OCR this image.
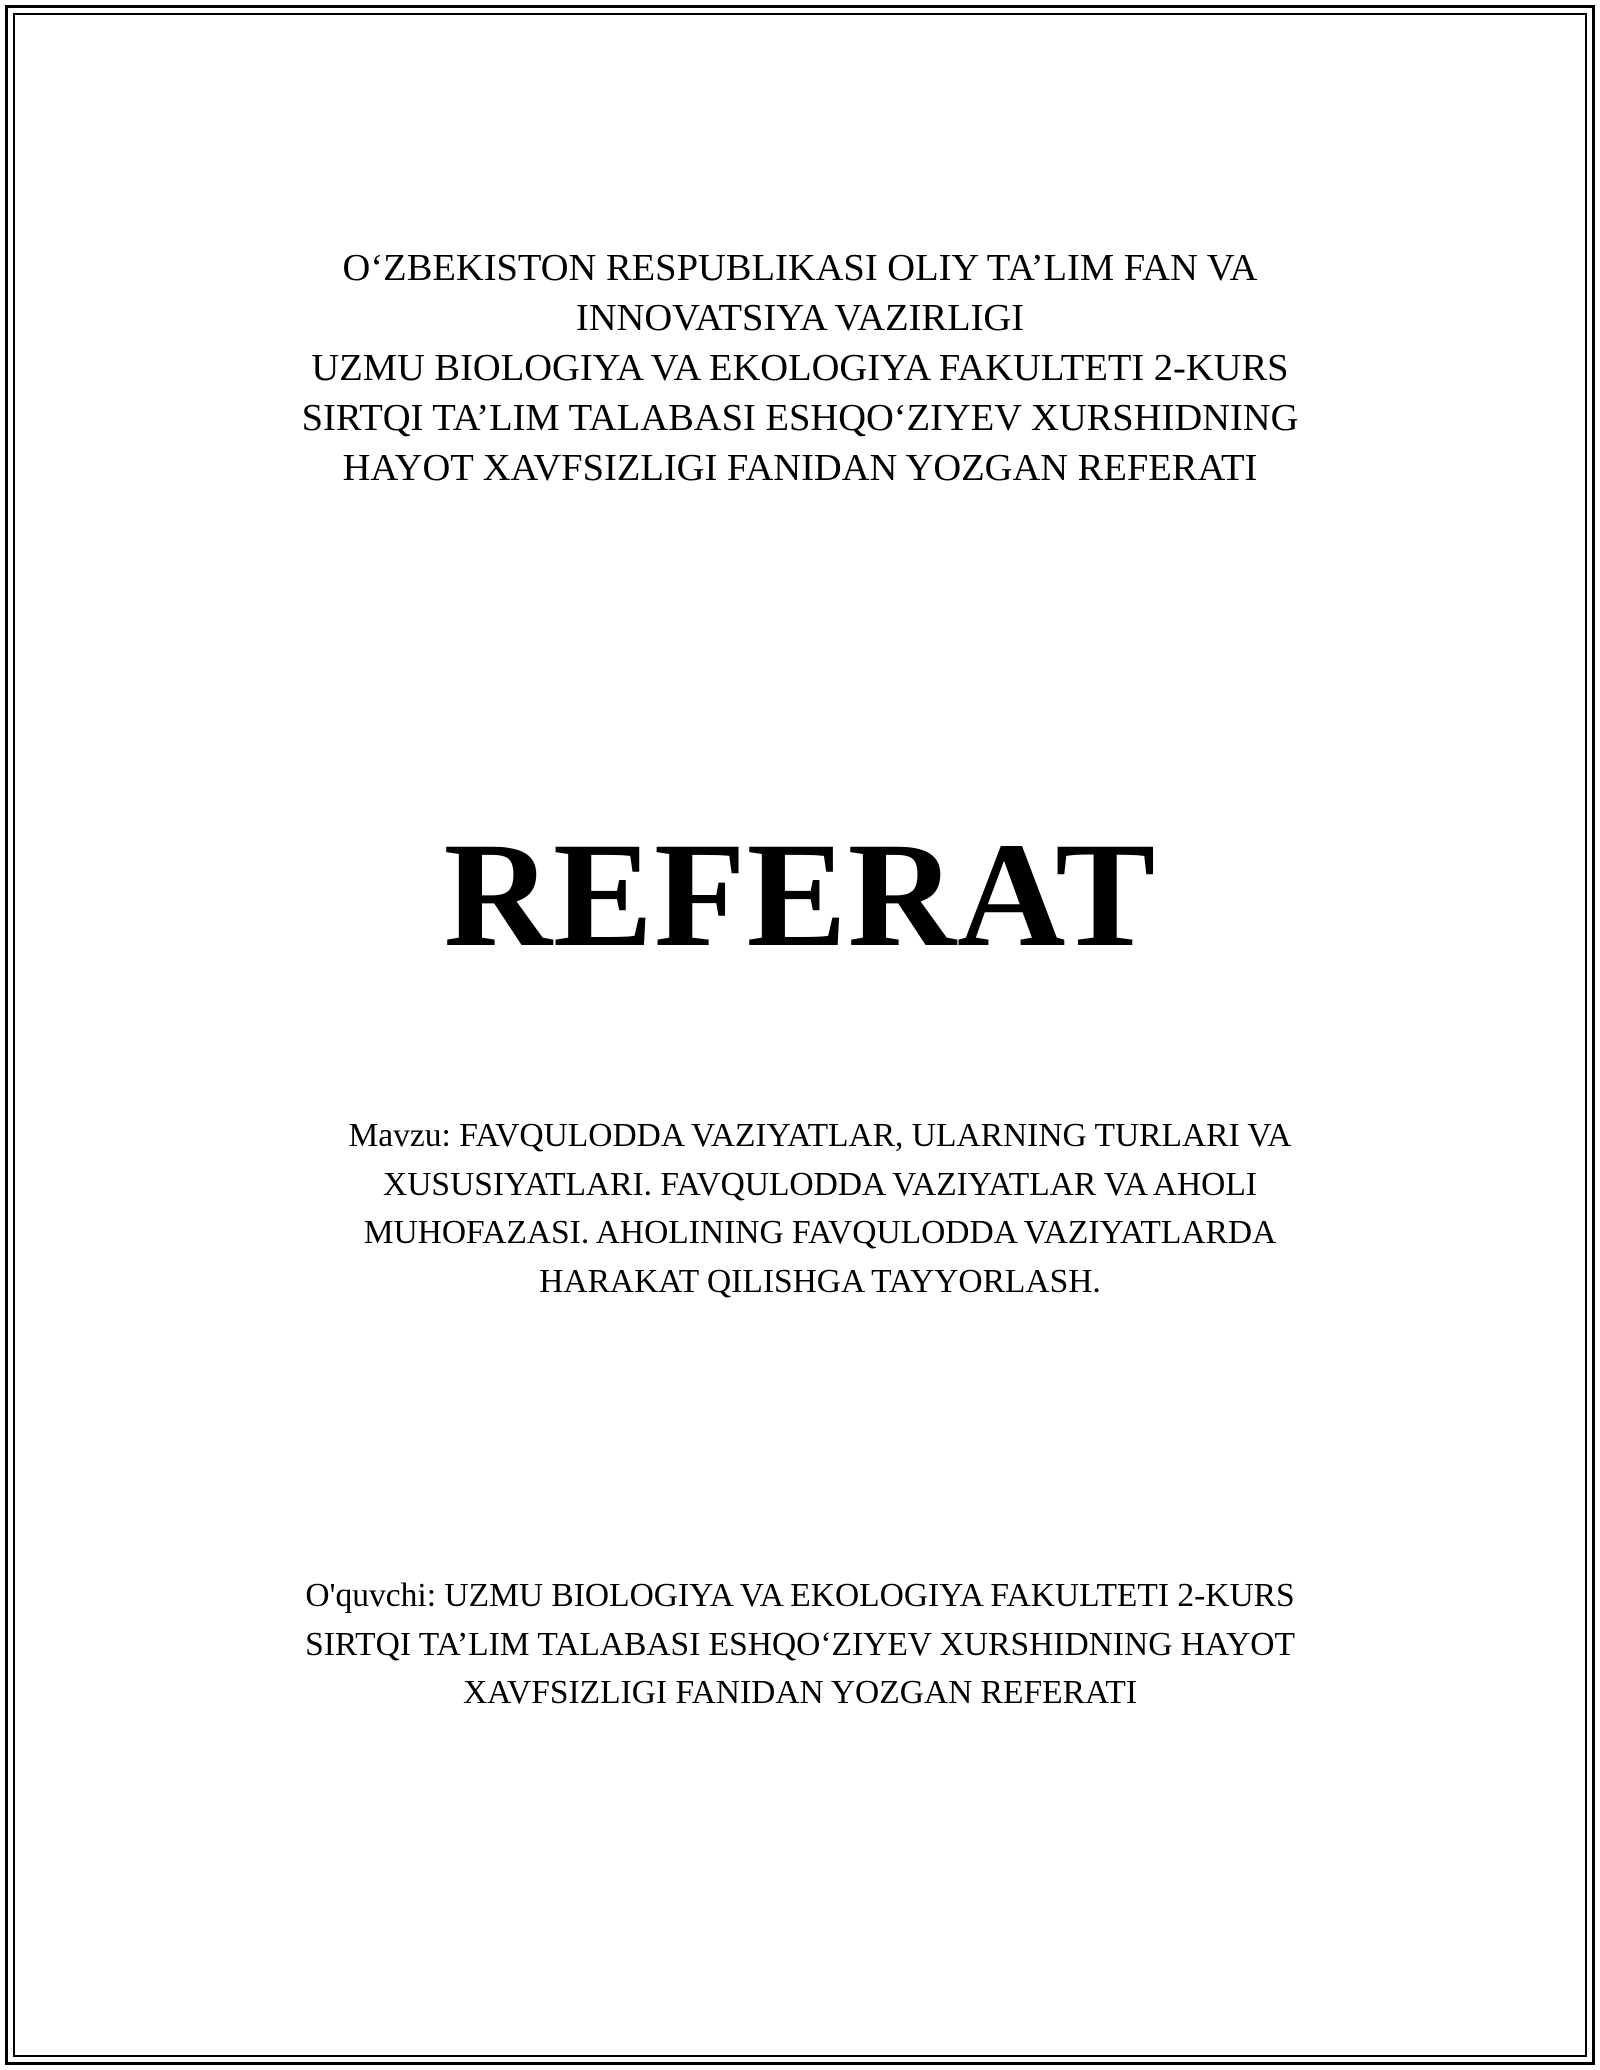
O‘ZBEKISTON RESPUBLIKASI OLIY TA’LIM FAN VA
INNOVATSIYA VAZIRLIGI
UZMU BIOLOGIYA VA EKOLOGIYA FAKULTETI 2-KURS
SIRTQI TA’LIM TALABASI ESHQO‘ZIYEV XURSHIDNING
HAYOT XAVFSIZLIGI FANIDAN YOZGAN REFERATI
REFERAT
Mavzu: FAVQULODDA VAZIYATLAR, ULARNING TURLARI VA
XUSUSIYATLARI. FAVQULODDA VAZIYATLAR VA AHOLI
MUHOFAZASI. AHOLINING FAVQULODDA VAZIYATLARDA
HARAKAT QILISHGA TAYYORLASH.
O'quvchi: UZMU BIOLOGIYA VA EKOLOGIYA FAKULTETI 2-KURS
SIRTQI TA’LIM TALABASI ESHQO‘ZIYEV XURSHIDNING HAYOT
XAVFSIZLIGI FANIDAN YOZGAN REFERATI
